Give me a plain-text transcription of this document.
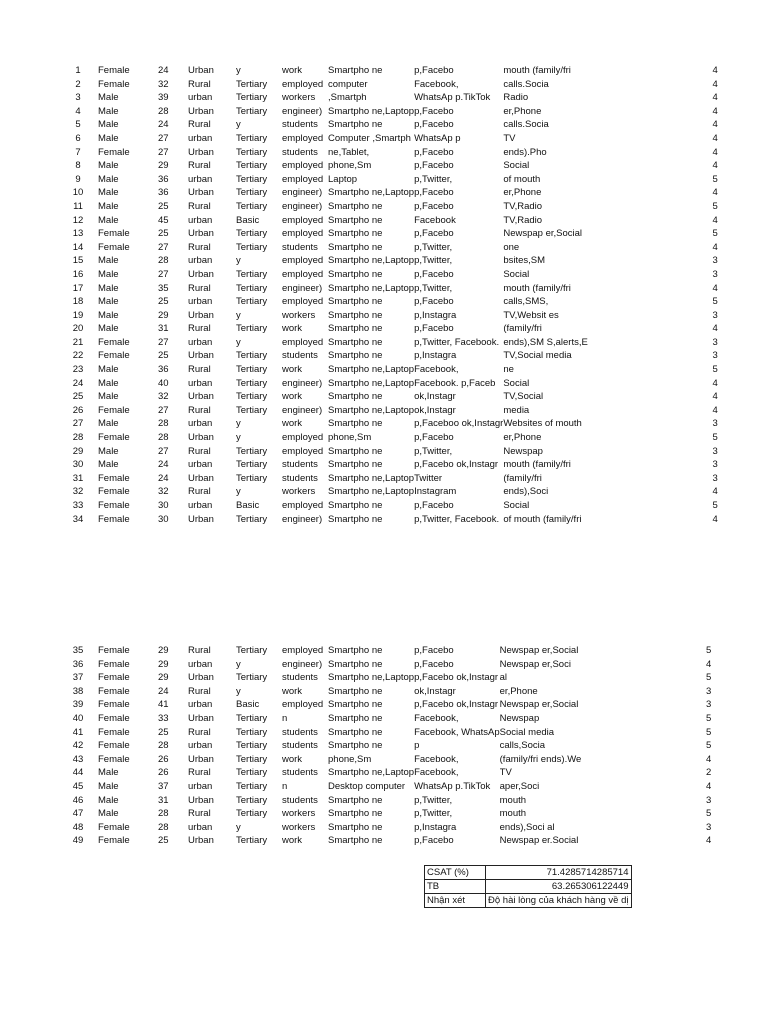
1	Female	24	Urban	y	work	Smartpho ne	p,Facebo	mouth (family/fri	4
2	Female	32	Rural	Tertiary	employed	computer	Facebook,	calls.Socia	4
3	Male	39	urban	Tertiary	workers	,Smartph	WhatsAp p.TikTok	Radio	4
4	Male	28	Urban	Tertiary	engineer)	Smartpho ne,Laptop	p,Facebo	er,Phone	4
5	Male	24	Rural	y	students	Smartpho ne	p,Facebo	calls.Socia	4
6	Male	27	urban	Tertiary	employed	Computer ,Smartph	WhatsAp p	TV	4
7	Female	27	Urban	Tertiary	students	ne,Tablet,	p,Facebo	ends).Pho	4
8	Male	29	Rural	Tertiary	employed	phone,Sm	p,Facebo	Social	4
9	Male	36	urban	Tertiary	employed	Laptop	p,Twitter,	of mouth	5
10	Male	36	Urban	Tertiary	engineer)	Smartpho ne,Laptop	p,Facebo	er,Phone	4
11	Male	25	Rural	Tertiary	engineer)	Smartpho ne	p,Facebo	TV,Radio	5
12	Male	45	urban	Basic	employed	Smartpho ne	Facebook	TV,Radio	4
13	Female	25	Urban	Tertiary	employed	Smartpho ne	p,Facebo	Newspap er,Social	5
14	Female	27	Rural	Tertiary	students	Smartpho ne	p,Twitter,	one	4
15	Male	28	urban	y	employed	Smartpho ne,Laptop	p,Twitter,	bsites,SM	3
16	Male	27	Urban	Tertiary	employed	Smartpho ne	p,Facebo	Social	3
17	Male	35	Rural	Tertiary	engineer)	Smartpho ne,Laptop	p,Twitter,	mouth (family/fri	4
18	Male	25	urban	Tertiary	employed	Smartpho ne	p,Facebo	calls,SMS,	5
19	Male	29	Urban	y	workers	Smartpho ne	p,Instagra	TV,Websit es	3
20	Male	31	Rural	Tertiary	work	Smartpho ne	p,Facebo	(family/fri	4
21	Female	27	urban	y	employed	Smartpho ne	p,Twitter, Facebook.	ends),SM S,alerts,E	3
22	Female	25	Urban	Tertiary	students	Smartpho ne	p,Instagra	TV,Social media	3
23	Male	36	Rural	Tertiary	work	Smartpho ne,Laptop	Facebook,	ne	5
24	Male	40	urban	Tertiary	engineer)	Smartpho ne,Laptop	Facebook. p,Faceb	Social	4
25	Male	32	Urban	Tertiary	work	Smartpho ne	ok,Instagr	TV,Social	4
26	Female	27	Rural	Tertiary	engineer)	Smartpho ne,Laptop	ok,Instagr	media	4
27	Male	28	urban	y	work	Smartpho ne	p,Faceboo ok,Instagr	Websites of mouth	3
28	Female	28	Urban	y	employed	phone,Sm	p,Facebo	er,Phone	5
29	Male	27	Rural	Tertiary	employed	Smartpho ne	p,Twitter,	Newspap	3
30	Male	24	urban	Tertiary	students	Smartpho ne	p,Facebo ok,Instagr	mouth (family/fri	3
31	Female	24	Urban	Tertiary	students	Smartpho ne,Laptop	Twitter	(family/fri	3
32	Female	32	Rural	y	workers	Smartpho ne,Laptop	Instagram	ends),Soci	4
33	Female	30	urban	Basic	employed	Smartpho ne	p,Facebo	Social	5
34	Female	30	Urban	Tertiary	engineer)	Smartpho ne	p,Twitter, Facebook.	of mouth (family/fri	4
35	Female	29	Rural	Tertiary	employed	Smartpho ne	p,Facebo	Newspap er,Social	5
36	Female	29	urban	y	engineer)	Smartpho ne	p,Facebo	Newspap er,Soci	4
37	Female	29	Urban	Tertiary	students	Smartpho ne,Laptop	p,Facebo ok,Instagr	al	5
38	Female	24	Rural	y	work	Smartpho ne	ok,Instagr	er,Phone	3
39	Female	41	urban	Basic	employed	Smartpho ne	p,Facebo ok,Instagr	Newspap er,Social	3
40	Female	33	Urban	Tertiary	n	Smartpho ne	Facebook,	Newspap	5
41	Female	25	Rural	Tertiary	students	Smartpho ne	Facebook, WhatsAp	Social media	5
42	Female	28	urban	Tertiary	students	Smartpho ne	p	calls,Socia	5
43	Female	26	Urban	Tertiary	work	phone,Sm	Facebook,	(family/fri ends).We	4
44	Male	26	Rural	Tertiary	students	Smartpho ne,Laptop	Facebook,	TV	2
45	Male	37	urban	Tertiary	n	Desktop computer	WhatsAp p.TikTok	aper,Soci	4
46	Male	31	Urban	Tertiary	students	Smartpho ne	p,Twitter,	mouth	3
47	Male	28	Rural	Tertiary	workers	Smartpho ne	p,Twitter,	mouth	5
48	Female	28	urban	y	workers	Smartpho ne	p,Instagra	ends),Soci al	3
49	Female	25	Urban	Tertiary	work	Smartpho ne	p,Facebo	Newspap er.Social	4
CSAT (%)	71.4285714285714
TB	63.265306122449
Nhận xét	Độ hài lòng của khách hàng về dị
